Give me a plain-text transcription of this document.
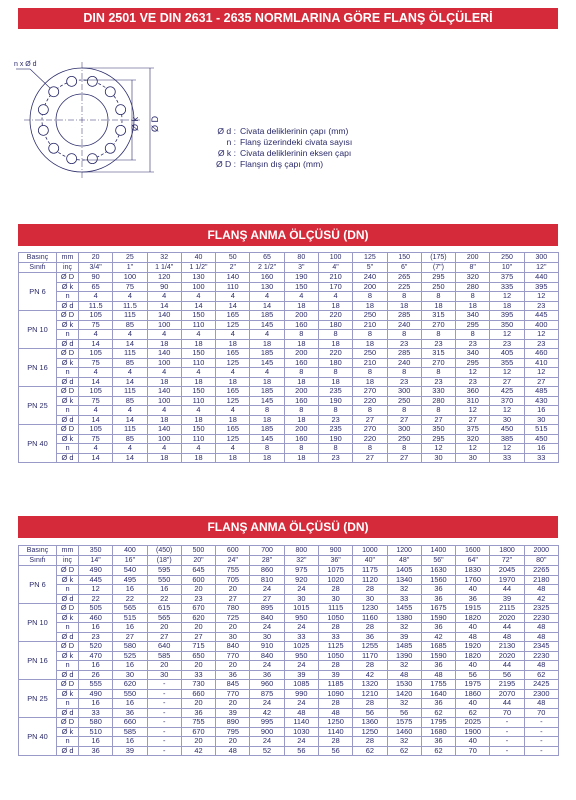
DIN 2501 VE DIN 2631 - 2635 NORMLARINA GÖRE FLANŞ ÖLÇÜLERİ
n x Ø d
Ø k Ø D	Ø d : Civata deliklerinin çapı (mm)
n : Flanş üzerindeki civata sayısı
Ø k : Civata deliklerinin eksen çapı
Ø D : Flanşın dış çapı (mm)
FLANŞ ANMA ÖLÇÜSÜ (DN)
Basınç	mm	20	25	32	40	50	65	80	100	125	150	(175)	200	250	300
Sınıfı	inç	3/4"	1"	1 1/4"	1 1/2"	2"	2 1/2"	3"	4"	5"	6"	(7")	8"	10"	12"
PN 6	Ø D	90	100	120	130	140	160	190	210	240	265	295	320	375	440
	Ø k	65	75	90	100	110	130	150	170	200	225	250	280	335	395
	n	4	4	4	4	4	4	4	4	8	8	8	8	12	12
	Ø d	11.5	11.5	14	14	14	14	18	18	18	18	18	18	18	23
PN 10	Ø D	105	115	140	150	165	185	200	220	250	285	315	340	395	445
	Ø k	75	85	100	110	125	145	160	180	210	240	270	295	350	400
	n	4	4	4	4	4	4	8	8	8	8	8	8	12	12
	Ø d	14	14	18	18	18	18	18	18	18	23	23	23	23	23
PN 16	Ø D	105	115	140	150	165	185	200	220	250	285	315	340	405	460
	Ø k	75	85	100	110	125	145	160	180	210	240	270	295	355	410
	n	4	4	4	4	4	4	8	8	8	8	8	12	12	12
	Ø d	14	14	18	18	18	18	18	18	18	23	23	23	27	27
PN 25	Ø D	105	115	140	150	165	185	200	235	270	300	330	360	425	485
	Ø k	75	85	100	110	125	145	160	190	220	250	280	310	370	430
	n	4	4	4	4	4	8	8	8	8	8	8	12	12	16
	Ø d	14	14	18	18	18	18	18	23	27	27	27	27	30	30
PN 40	Ø D	105	115	140	150	165	185	200	235	270	300	350	375	450	515
	Ø k	75	85	100	110	125	145	160	190	220	250	295	320	385	450
	n	4	4	4	4	4	8	8	8	8	8	12	12	12	16
	Ø d	14	14	18	18	18	18	18	23	27	27	30	30	33	33
FLANŞ ANMA ÖLÇÜSÜ (DN)
Basınç	mm	350	400	(450)	500	600	700	800	900	1000	1200	1400	1600	1800	2000
Sınıfı	inç	14"	16"	(18")	20"	24"	28"	32"	36"	40"	48"	56"	64"	72"	80"
PN 6	Ø D	490	540	595	645	755	860	975	1075	1175	1405	1630	1830	2045	2265
	Ø k	445	495	550	600	705	810	920	1020	1120	1340	1560	1760	1970	2180
	n	12	16	16	20	20	24	24	28	28	32	36	40	44	48
	Ø d	22	22	22	23	27	27	30	30	30	33	36	36	39	42
PN 10	Ø D	505	565	615	670	780	895	1015	1115	1230	1455	1675	1915	2115	2325
	Ø k	460	515	565	620	725	840	950	1050	1160	1380	1590	1820	2020	2230
	n	16	16	20	20	20	24	24	28	28	32	36	40	44	48
	Ø d	23	27	27	27	30	30	33	33	36	39	42	48	48	48
PN 16	Ø D	520	580	640	715	840	910	1025	1125	1255	1485	1685	1920	2130	2345
	Ø k	470	525	585	650	770	840	950	1050	1170	1390	1590	1820	2020	2230
	n	16	16	20	20	20	24	24	28	28	32	36	40	44	48
	Ø d	26	30	30	33	36	36	39	39	42	48	48	56	56	62
PN 25	Ø D	555	620	-	730	845	960	1085	1185	1320	1530	1755	1975	2195	2425
	Ø k	490	550	-	660	770	875	990	1090	1210	1420	1640	1860	2070	2300
	n	16	16	-	20	20	24	24	28	28	32	36	40	44	48
	Ø d	33	36	-	36	39	42	48	48	56	56	62	62	70	70
PN 40	Ø D	580	660	-	755	890	995	1140	1250	1360	1575	1795	2025	-	-
	Ø k	510	585	-	670	795	900	1030	1140	1250	1460	1680	1900	-	-
	n	16	16	-	20	20	24	24	28	28	32	36	40	-	-
	Ø d	36	39	-	42	48	52	56	56	62	62	62	70	-	-
